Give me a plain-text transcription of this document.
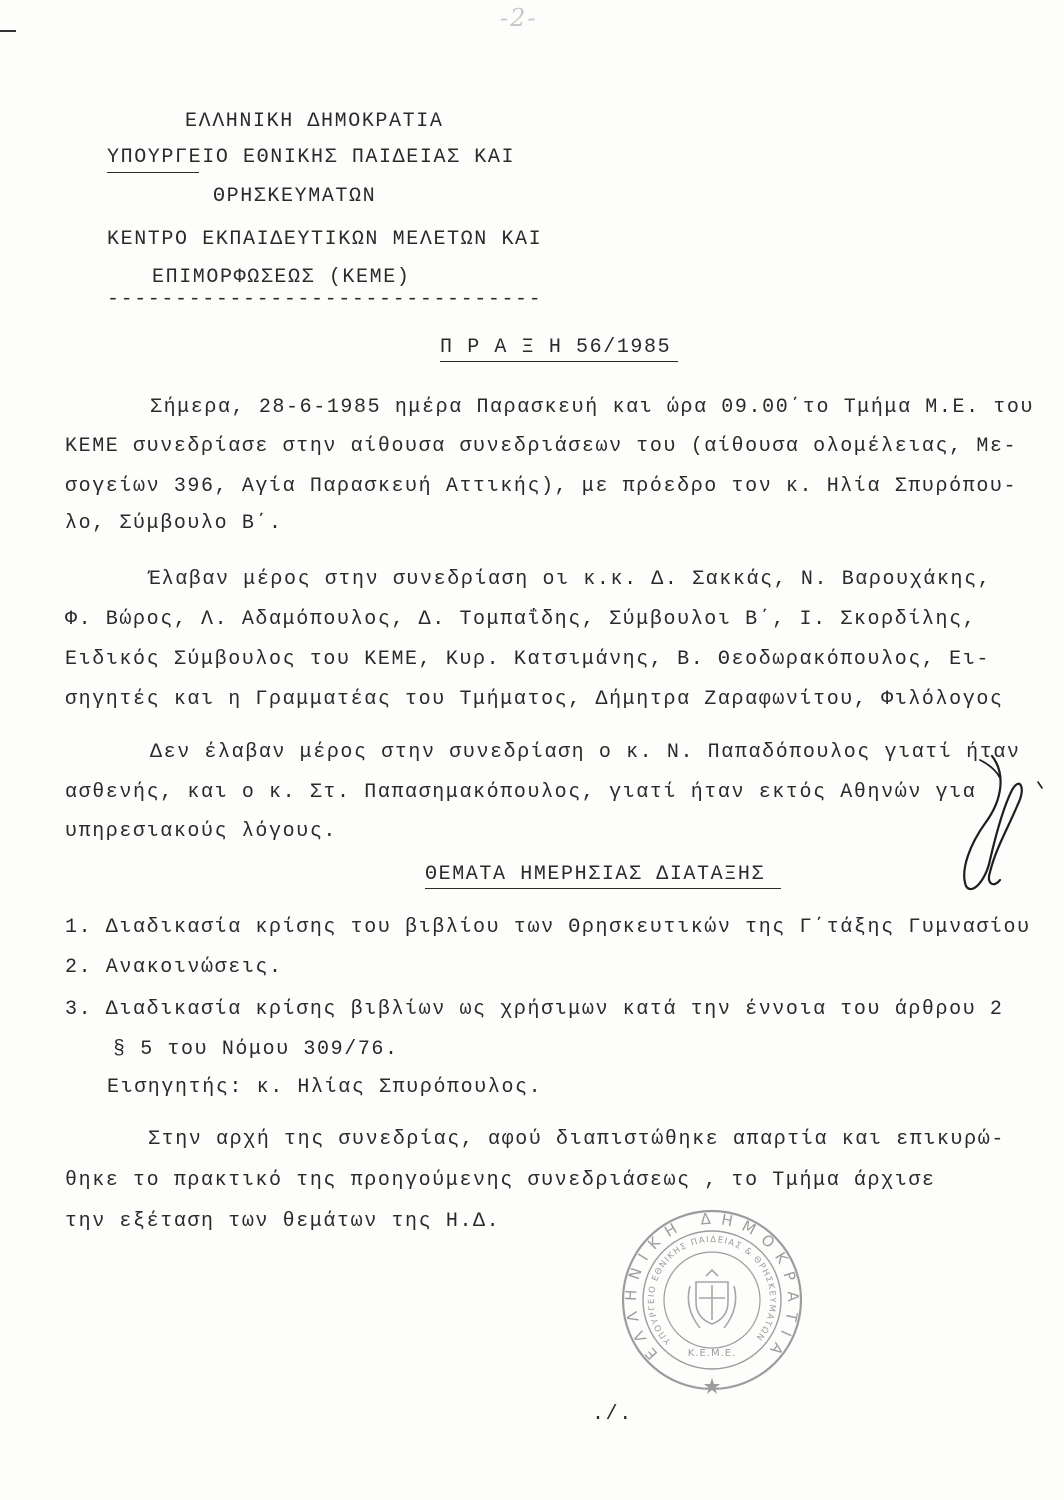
-2-
ΕΛΛΗΝΙΚΗ ΔΗΜΟΚΡΑΤΙΑ
ΥΠΟΥΡΓΕΙΟ ΕΘΝΙΚΗΣ ΠΑΙΔΕΙΑΣ ΚΑΙ
ΘΡΗΣΚΕΥΜΑΤΩΝ
ΚΕΝΤΡΟ ΕΚΠΑΙΔΕΥΤΙΚΩΝ ΜΕΛΕΤΩΝ ΚΑΙ
ΕΠΙΜΟΡΦΩΣΕΩΣ (ΚΕΜΕ)
--------------------------------
Π Ρ Α Ξ Η 56/1985
Σήμερα, 28-6-1985 ημέρα Παρασκευή και ώρα 09.00΄το Τμήμα Μ.Ε. του
ΚΕΜΕ συνεδρίασε στην αίθουσα συνεδριάσεων του (αίθουσα ολομέλειας, Με-
σογείων 396, Αγία Παρασκευή Αττικής), με πρόεδρο τον κ. Ηλία Σπυρόπου-
λο, Σύμβουλο Β΄.
Έλαβαν μέρος στην συνεδρίαση οι κ.κ. Δ. Σακκάς, Ν. Βαρουχάκης,
Φ. Βώρος, Λ. Αδαμόπουλος, Δ. Τομπαΐδης, Σύμβουλοι Β΄, Ι. Σκορδίλης,
Ειδικός Σύμβουλος του ΚΕΜΕ, Κυρ. Κατσιμάνης, Β. Θεοδωρακόπουλος, Ει-
σηγητές και η Γραμματέας του Τμήματος, Δήμητρα Ζαραφωνίτου, Φιλόλογος
Δεν έλαβαν μέρος στην συνεδρίαση ο κ. Ν. Παπαδόπουλος γιατί ήταν
ασθενής, και ο κ. Στ. Παπασημακόπουλος, γιατί ήταν εκτός Αθηνών για
υπηρεσιακούς λόγους.
ΘΕΜΑΤΑ ΗΜΕΡΗΣΙΑΣ ΔΙΑΤΑΞΗΣ
1. Διαδικασία κρίσης του βιβλίου των Θρησκευτικών της Γ΄τάξης Γυμνασίου
2. Ανακοινώσεις.
3. Διαδικασία κρίσης βιβλίων ως χρήσιμων κατά την έννοια του άρθρου 2
§ 5 του Νόμου 309/76.
Εισηγητής: κ. Ηλίας Σπυρόπουλος.
Στην αρχή της συνεδρίας, αφού διαπιστώθηκε απαρτία και επικυρώ-
θηκε το πρακτικό της προηγούμενης συνεδριάσεως , το Τμήμα άρχισε
την εξέταση των θεμάτων της Η.Δ.
./.
ΕΛΛΗΝΙΚΗ ΔΗΜΟΚΡΑΤΙΑ
ΥΠΟΥΡΓΕΙΟ ΕΘΝΙΚΗΣ ΠΑΙΔΕΙΑΣ & ΘΡΗΣΚΕΥΜΑΤΩΝ
Κ.Ε.Μ.Ε.
